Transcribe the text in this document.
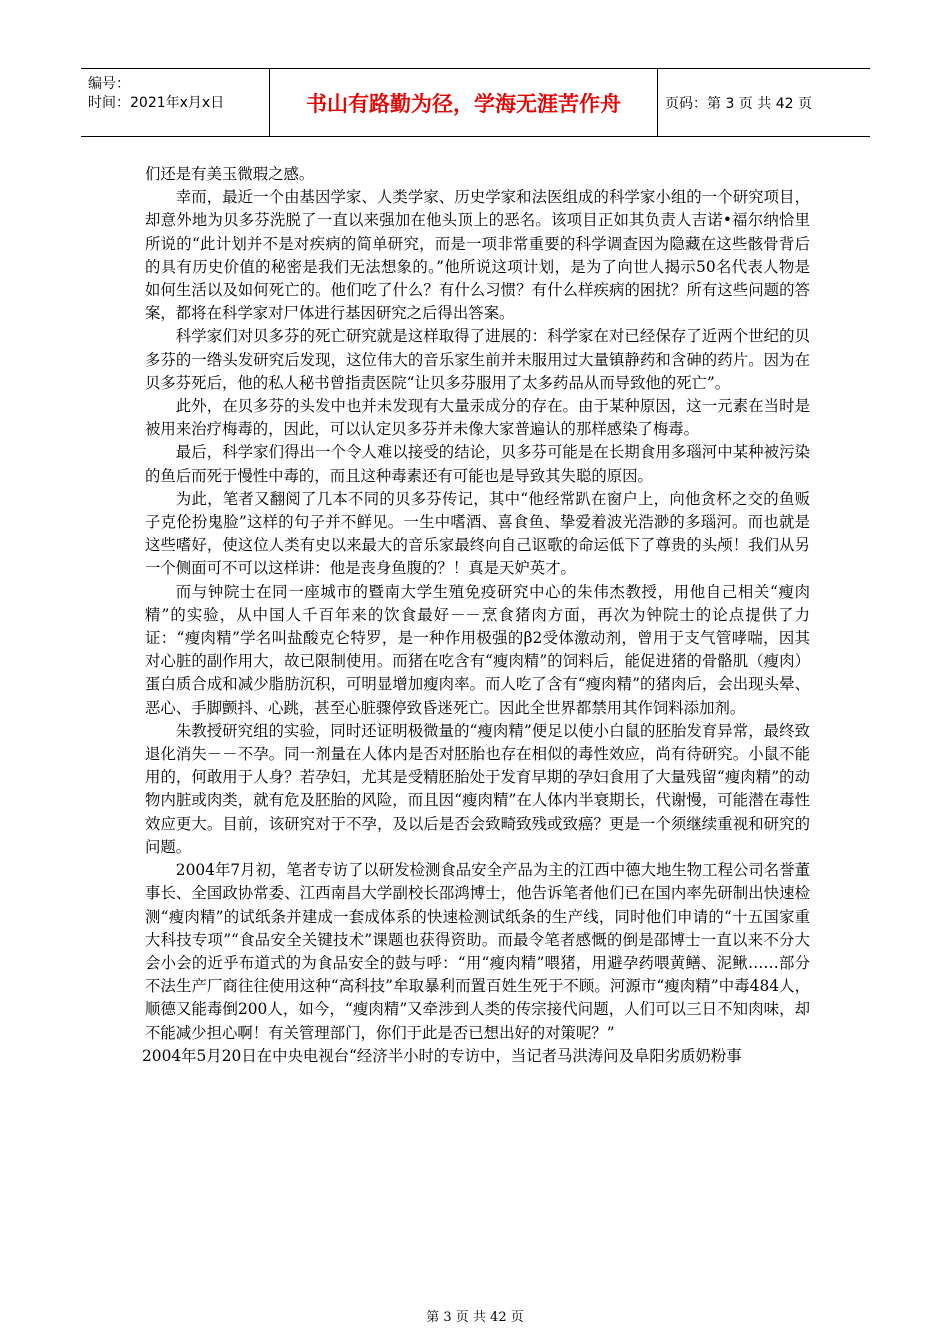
编号：
时间：2021年x月x日	书山有路勤为径，学海无涯苦作舟	页码：第 3 页 共 42 页

们还是有美玉微瑕之感。

幸而，最近一个由基因学家、人类学家、历史学家和法医组成的科学家小组的一个研究项目，却意外地为贝多芬洗脱了一直以来强加在他头顶上的恶名。该项目正如其负责人吉诺•福尔纳恰里所说的“此计划并不是对疾病的简单研究，而是一项非常重要的科学调查因为隐藏在这些骸骨背后的具有历史价值的秘密是我们无法想象的。”他所说这项计划，是为了向世人揭示50名代表人物是如何生活以及如何死亡的。他们吃了什么？有什么习惯？有什么样疾病的困扰？所有这些问题的答案，都将在科学家对尸体进行基因研究之后得出答案。

科学家们对贝多芬的死亡研究就是这样取得了进展的：科学家在对已经保存了近两个世纪的贝多芬的一绺头发研究后发现，这位伟大的音乐家生前并未服用过大量镇静药和含砷的药片。因为在贝多芬死后，他的私人秘书曾指责医院“让贝多芬服用了太多药品从而导致他的死亡”。

此外，在贝多芬的头发中也并未发现有大量汞成分的存在。由于某种原因，这一元素在当时是被用来治疗梅毒的，因此，可以认定贝多芬并未像大家普遍认的那样感染了梅毒。

最后，科学家们得出一个令人难以接受的结论，贝多芬可能是在长期食用多瑙河中某种被污染的鱼后而死于慢性中毒的，而且这种毒素还有可能也是导致其失聪的原因。

为此，笔者又翻阅了几本不同的贝多芬传记，其中“他经常趴在窗户上，向他贪杯之交的鱼贩子克伦扮鬼脸”这样的句子并不鲜见。一生中嗜酒、喜食鱼、挚爱着波光浩渺的多瑙河。而也就是这些嗜好，使这位人类有史以来最大的音乐家最终向自己讴歌的命运低下了尊贵的头颅！我们从另一个侧面可不可以这样讲：他是丧身鱼腹的？！真是天妒英才。

而与钟院士在同一座城市的暨南大学生殖免疫研究中心的朱伟杰教授，用他自己相关“瘦肉精”的实验，从中国人千百年来的饮食最好－－烹食猪肉方面，再次为钟院士的论点提供了力证：“瘦肉精”学名叫盐酸克仑特罗，是一种作用极强的β2受体激动剂，曾用于支气管哮喘，因其对心脏的副作用大，故已限制使用。而猪在吃含有“瘦肉精”的饲料后，能促进猪的骨骼肌（瘦肉）蛋白质合成和减少脂肪沉积，可明显增加瘦肉率。而人吃了含有“瘦肉精”的猪肉后，会出现头晕、恶心、手脚颤抖、心跳，甚至心脏骤停致昏迷死亡。因此全世界都禁用其作饲料添加剂。

朱教授研究组的实验，同时还证明极微量的“瘦肉精”便足以使小白鼠的胚胎发育异常，最终致退化消失－－不孕。同一剂量在人体内是否对胚胎也存在相似的毒性效应，尚有待研究。小鼠不能用的，何敢用于人身？若孕妇，尤其是受精胚胎处于发育早期的孕妇食用了大量残留“瘦肉精”的动物内脏或肉类，就有危及胚胎的风险，而且因“瘦肉精”在人体内半衰期长，代谢慢，可能潜在毒性效应更大。目前，该研究对于不孕，及以后是否会致畸致残或致癌？更是一个须继续重视和研究的问题。

2004年7月初，笔者专访了以研发检测食品安全产品为主的江西中德大地生物工程公司名誉董事长、全国政协常委、江西南昌大学副校长邵鸿博士，他告诉笔者他们已在国内率先研制出快速检测“瘦肉精”的试纸条并建成一套成体系的快速检测试纸条的生产线，同时他们申请的“十五国家重大科技专项”“食品安全关键技术”课题也获得资助。而最令笔者感慨的倒是邵博士一直以来不分大会小会的近乎布道式的为食品安全的鼓与呼：“用“瘦肉精”喂猪，用避孕药喂黄鳝、泥鳅……部分不法生产厂商往往使用这种“高科技”牟取暴利而置百姓生死于不顾。河源市“瘦肉精”中毒484人，顺德又能毒倒200人，如今，“瘦肉精”又牵涉到人类的传宗接代问题，人们可以三日不知肉味，却不能减少担心啊！有关管理部门，你们于此是否已想出好的对策呢？”

2004年5月20日在中央电视台“经济半小时的专访中，当记者马洪涛问及阜阳劣质奶粉事

第 3 页 共 42 页
